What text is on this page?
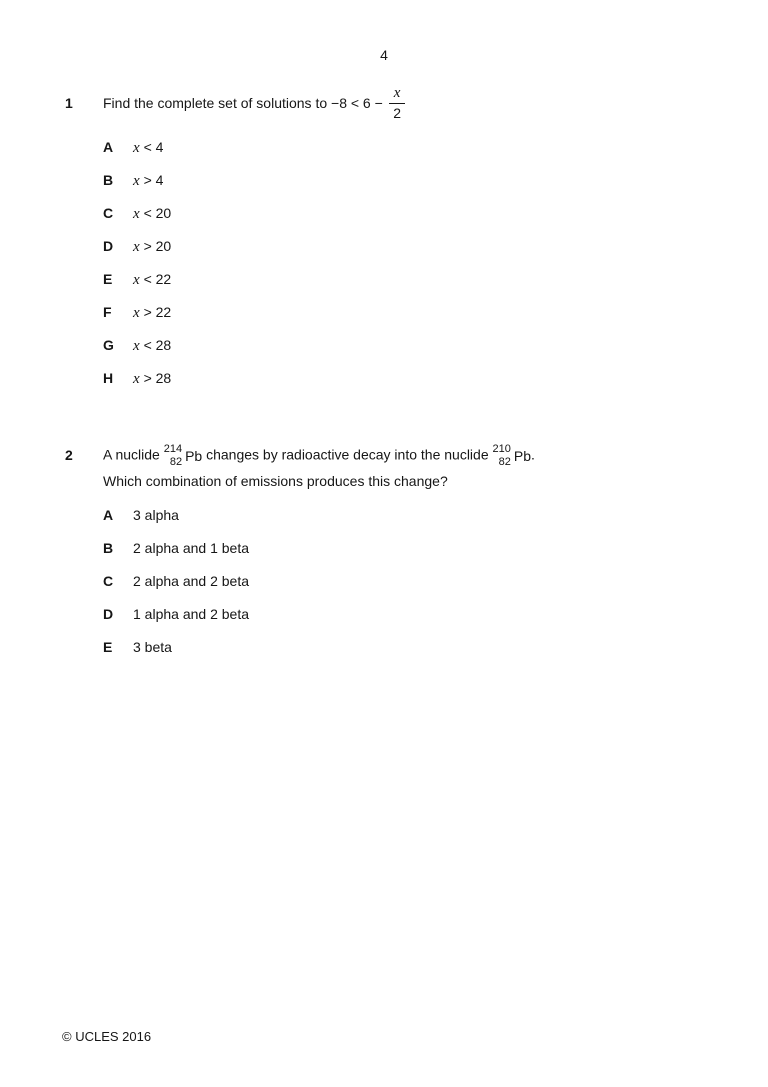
4
1	Find the complete set of solutions to $-8 < 6 - \frac{x}{2}$
A	x < 4
B	x > 4
C	x < 20
D	x > 20
E	x < 22
F	x > 22
G	x < 28
H	x > 28
2	A nuclide 214
82 Pb changes by radioactive decay into the nuclide 210
82 Pb .
Which combination of emissions produces this change?
A	3 alpha
B	2 alpha and 1 beta
C	2 alpha and 2 beta
D	1 alpha and 2 beta
E	3 beta
© UCLES 2016
